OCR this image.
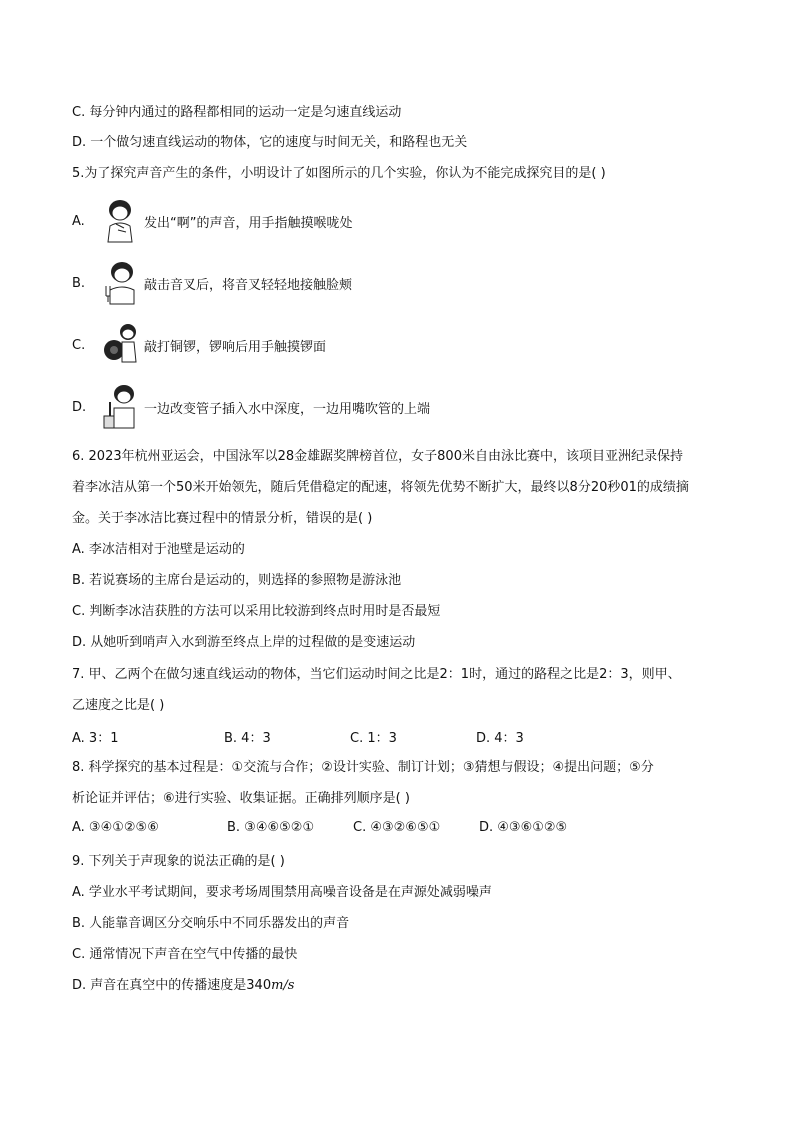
C. 每分钟内通过的路程都相同的运动一定是匀速直线运动
D. 一个做匀速直线运动的物体，它的速度与时间无关，和路程也无关
5.为了探究声音产生的条件，小明设计了如图所示的几个实验，你认为不能完成探究目的是( )
A.	发出“啊”的声音，用手指触摸喉咙处
B.	敲击音叉后，将音叉轻轻地接触脸颊
C.	敲打铜锣，锣响后用手触摸锣面
D.	一边改变管子插入水中深度，一边用嘴吹管的上端
6. 2023年杭州亚运会，中国泳军以28金雄踞奖牌榜首位，女子800米自由泳比赛中，该项目亚洲纪录保持
着李冰洁从第一个50米开始领先，随后凭借稳定的配速，将领先优势不断扩大，最终以8分20秒01的成绩摘
金。关于李冰洁比赛过程中的情景分析，错误的是( )
A. 李冰洁相对于池壁是运动的
B. 若说赛场的主席台是运动的，则选择的参照物是游泳池
C. 判断李冰洁获胜的方法可以采用比较游到终点时用时是否最短
D. 从她听到哨声入水到游至终点上岸的过程做的是变速运动
7. 甲、乙两个在做匀速直线运动的物体，当它们运动时间之比是2：1时，通过的路程之比是2：3，则甲、
乙速度之比是( )
A. 3：1	B. 4：3	C. 1：3	D. 4：3
8. 科学探究的基本过程是：①交流与合作；②设计实验、制订计划；③猜想与假设；④提出问题；⑤分
析论证并评估；⑥进行实验、收集证据。正确排列顺序是( )
A. ③④①②⑤⑥	B. ③④⑥⑤②①	C. ④③②⑥⑤①	D. ④③⑥①②⑤
9. 下列关于声现象的说法正确的是( )
A. 学业水平考试期间，要求考场周围禁用高噪音设备是在声源处减弱噪声
B. 人能靠音调区分交响乐中不同乐器发出的声音
C. 通常情况下声音在空气中传播的最快
D. 声音在真空中的传播速度是340m/s
